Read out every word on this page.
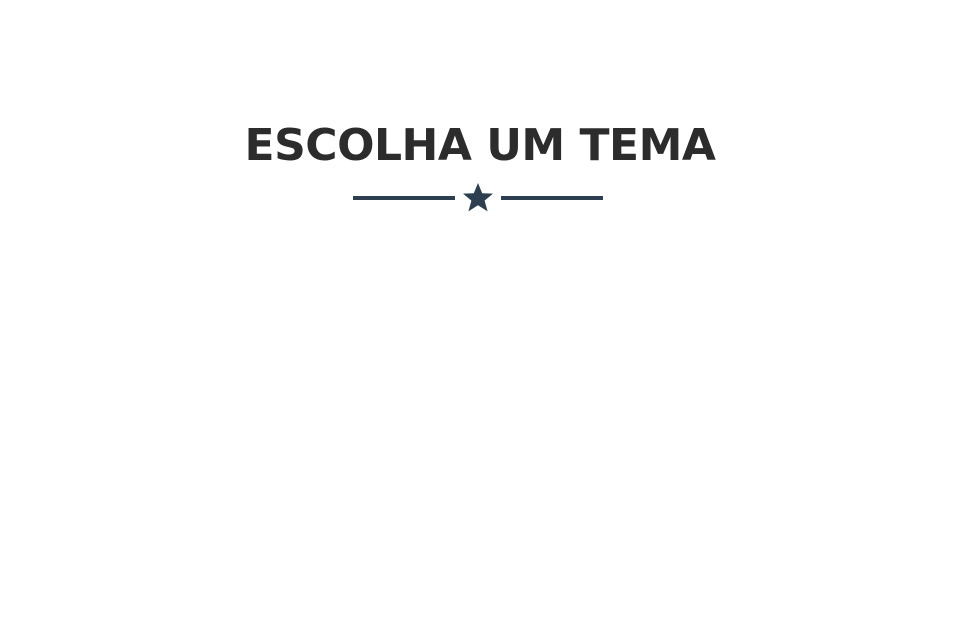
ESCOLHA UM TEMA
